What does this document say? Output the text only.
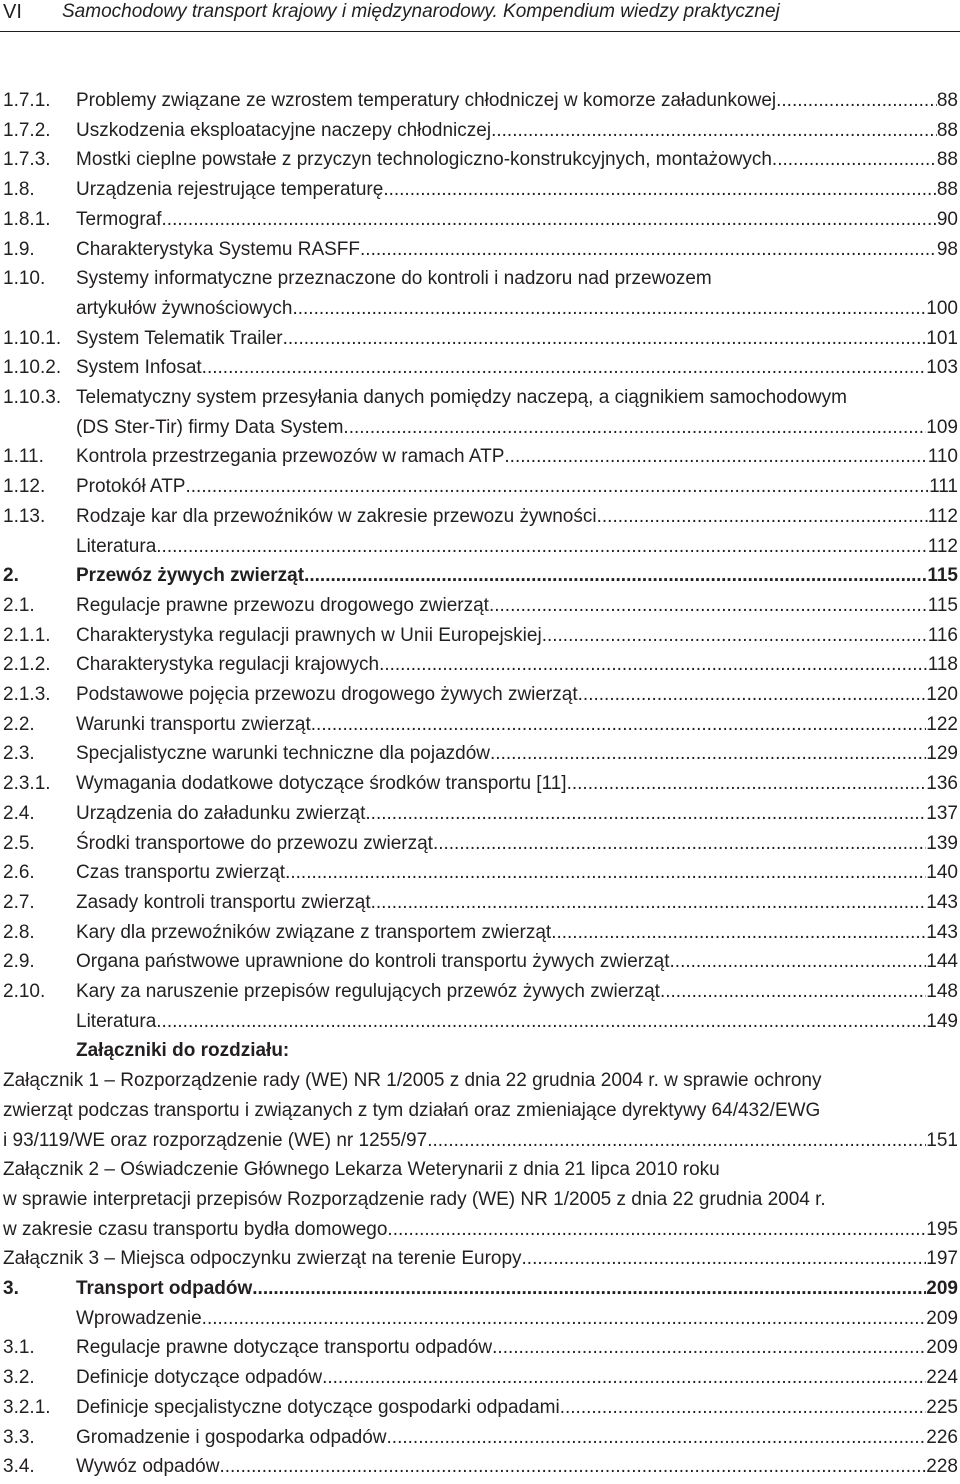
VI Samochodowy transport krajowy i międzynarodowy. Kompendium wiedzy praktycznej
1.7.1. Problemy związane ze wzrostem temperatury chłodniczej w komorze załadunkowej .....	88
1.7.2. Uszkodzenia eksploatacyjne naczepy chłodniczej .....	88
1.7.3. Mostki cieplne powstałe z przyczyn technologiczno-konstrukcyjnych, montażowych .....	88
1.8. Urządzenia rejestrujące temperaturę .....	88
1.8.1. Termograf .....	90
1.9. Charakterystyka Systemu RASFF .....	98
1.10. Systemy informatyczne przeznaczone do kontroli i nadzoru nad przewozem
artykułów żywnościowych .....	100
1.10.1. System Telematik Trailer .....	101
1.10.2. System Infosat .....	103
1.10.3. Telematyczny system przesyłania danych pomiędzy naczepą, a ciągnikiem samochodowym
(DS Ster-Tir) firmy Data System .....	109
1.11. Kontrola przestrzegania przewozów w ramach ATP .....	110
1.12. Protokół ATP .....	111
1.13. Rodzaje kar dla przewoźników w zakresie przewozu żywności .....	112
Literatura .....	112
2.	Przewóz żywych zwierząt .....	115
2.1. Regulacje prawne przewozu drogowego zwierząt .....	115
2.1.1. Charakterystyka regulacji prawnych w Unii Europejskiej .....	116
2.1.2. Charakterystyka regulacji krajowych .....	118
2.1.3. Podstawowe pojęcia przewozu drogowego żywych zwierząt .....	120
2.2. Warunki transportu zwierząt .....	122
2.3. Specjalistyczne warunki techniczne dla pojazdów .....	129
2.3.1. Wymagania dodatkowe dotyczące środków transportu [11] .....	136
2.4. Urządzenia do załadunku zwierząt .....	137
2.5. Środki transportowe do przewozu zwierząt .....	139
2.6. Czas transportu zwierząt .....	140
2.7. Zasady kontroli transportu zwierząt .....	143
2.8. Kary dla przewoźników związane z transportem zwierząt .....	143
2.9. Organa państwowe uprawnione do kontroli transportu żywych zwierząt .....	144
2.10. Kary za naruszenie przepisów regulujących przewóz żywych zwierząt .....	148
Literatura .....	149
Załączniki do rozdziału:
Załącznik 1 – Rozporządzenie rady (WE) NR 1/2005 z dnia 22 grudnia 2004 r. w sprawie ochrony
zwierząt podczas transportu i związanych z tym działań oraz zmieniające dyrektywy 64/432/EWG
i 93/119/WE oraz rozporządzenie (WE) nr 1255/97 .....	151
Załącznik 2 – Oświadczenie Głównego Lekarza Weterynarii z dnia 21 lipca 2010 roku
w sprawie interpretacji przepisów Rozporządzenie rady (WE) NR 1/2005 z dnia 22 grudnia 2004 r.
w zakresie czasu transportu bydła domowego .....	195
Załącznik 3 – Miejsca odpoczynku zwierząt na terenie Europy .....	197
3.	Transport odpadów .....	209
Wprowadzenie .....	209
3.1. Regulacje prawne dotyczące transportu odpadów .....	209
3.2. Definicje dotyczące odpadów .....	224
3.2.1. Definicje specjalistyczne dotyczące gospodarki odpadami .....	225
3.3. Gromadzenie i gospodarka odpadów .....	226
3.4. Wywóz odpadów .....	228
